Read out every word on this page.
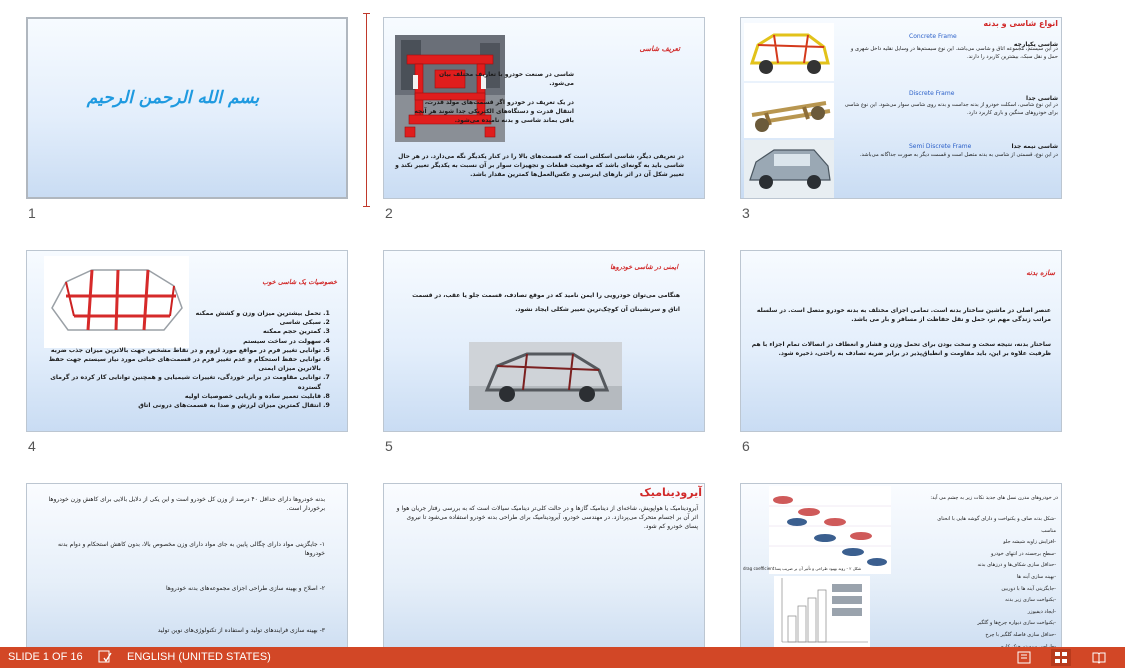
بسم الله الرحمن الرحیم
1
تعریف شاسی
شاسی در صنعت خودرو با تعاریف مختلف بیان می‌شود.
در یک تعریف در خودرو اگر قسمت‌های مولد قدرت، انتقال قدرت و دستگاه‌های الکتریکی جدا شوند هر آنچه باقی بماند شاسی و بدنه نامیده می‌شود.
در تعریفی دیگر، شاسی اسکلتی است که قسمت‌های بالا را در کنار یکدیگر نگه می‌دارد. در هر حال شاسی باید به گونه‌ای باشد که موقعیت قطعات و تجهیزات سوار بر آن نسبت به یکدیگر تغییر نکند و تغییر شکل آن در اثر بارهای اینرسی و عکس‌العمل‌ها کمترین مقدار باشد.
2
انواع شاسی و بدنه
Concrete Frame
شاسی یکپارچه
در این سیستم، مجموعه اتاق و شاسی می‌باشد. این نوع سیستم‌ها در وسایل نقلیه داخل شهری و حمل و نقل سبک، بیشترین کاربرد را دارند.
Discrete Frame
شاسی جدا
در این نوع شاسی، اسکلت خودرو از بدنه جداست و بدنه روی شاسی سوار می‌شود. این نوع شاسی برای خودروهای سنگین و باری کاربرد دارد.
Semi Discrete Frame	شاسی نیمه جدا
در این نوع، قسمتی از شاسی به بدنه متصل است و قسمت دیگر به صورت جداگانه می‌باشد.
3
خصوصیات یک شاسی خوب
1. تحمل بیشترین میزان وزن و کشش ممکنه
2. سبکی شاسی
3. کمترین حجم ممکنه
4. سهولت در ساخت سیستم
5. توانایی تغییر فرم در مواقع مورد لزوم و در نقاط مشخص جهت بالاترین میزان جذب ضربه
6. توانایی حفظ استحکام و عدم تغییر فرم در قسمت‌های حیاتی مورد نیاز سیستم جهت حفظ بالاترین میزان ایمنی
7. توانایی مقاومت در برابر خوردگی، تغییرات شیمیایی و همچنین توانایی کار کرده در گرمای گسترده
8. قابلیت تعمیر ساده و بازیابی خصوصیات اولیه
9. انتقال کمترین میزان لرزش و صدا به قسمت‌های درونی اتاق
4
ایمنی در شاسی خودروها
هنگامی می‌توان خودرویی را ایمن نامید که در موقع تصادف، قسمت جلو یا عقب، در قسمت اتاق و سرنشینان آن کوچک‌ترین تغییر شکلی ایجاد نشود.
5
سازه بدنه
عنصر اصلی در ماشین ساختار بدنه است. تمامی اجزای مختلف به بدنه خودرو متصل است. در سلسله مراتب زندگی مهم تر، حمل و نقل حفاظت از مسافر و بار می باشد.
ساختار بدنه، نتیجه سخت و سخت بودن برای تحمل وزن و فشار و انعطاف در اتصالات تمام اجزاء با هم ظرفیت علاوه بر این، باید مقاومت و انطباق‌پذیر در برابر ضربه تصادف به راحتی، ذخیره شود.
6
بدنه خودرو‌ها دارای حداقل ۴۰ درصد از وزن کل خودرو است و این یکی از دلایل بالایی برای کاهش وزن خودروها برخوردار است.
۱- جایگزینی مواد دارای چگالی پایین به جای مواد دارای وزن مخصوص بالا، بدون کاهش استحکام و دوام بدنه خودروها
۲- اصلاح و بهینه سازی طراحی اجزای مجموعه‌های بدنه خودروها
۳- بهینه سازی فرایندهای تولید و استفاده از تکنولوژی‌های نوین تولید
آیرودینامیک
آیرودینامیک یا هواپویش، شاخه‌ای از دینامیک گازها و در حالت کلی‌تر دینامیک سیالات است که به بررسی رفتار جریان هوا و اثر آن بر اجسام متحرک می‌پردازد. در مهندسی خودرو، آیرودینامیک برای طراحی بدنه خودرو استفاده می‌شود تا نیروی پسای خودرو کم شود.
شکل ۲ - روند بهبود طراحی و تأثیر آن بر ضریب پسا
drag coefficient
در خودروهای مدرن نسل های جدید نکات زیر به چشم می آید:
-شکل بدنه صاف و یکنواخت و دارای گوشه هایی با انحنای مناسب
-افزایش زاویه شیشه جلو
-سطح برجسته در انتهای خودرو
-حداقل سازی شکاف‌ها و درزهای بدنه
-بهینه سازی آینه ها
-جایگزینی آینه ها با دوربین
-یکنواخت سازی زیر بدنه
-ایجاد دیفیوزر
-یکنواخت سازی دیواره چرخ‌ها و گلگیر
-حداقل سازی فاصله گلگیر با چرخ
SLIDE 1 OF 16	ENGLISH (UNITED STATES)
